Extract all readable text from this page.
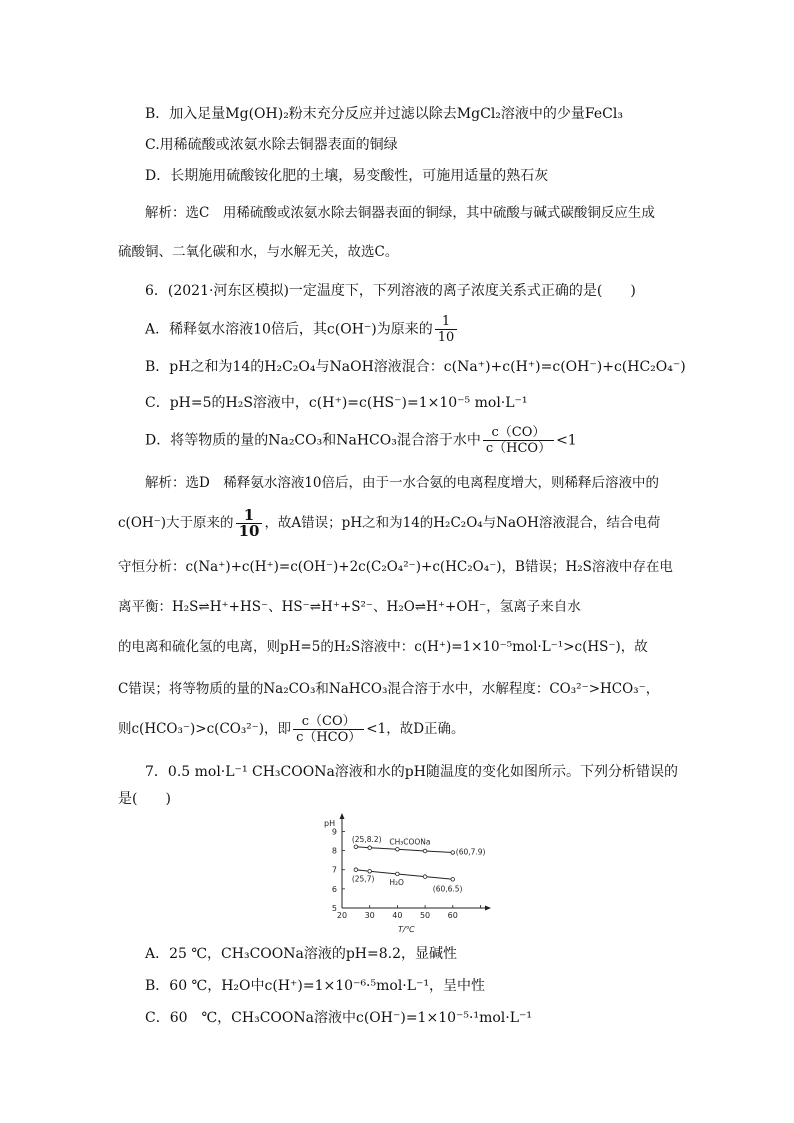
B．加入足量Mg(OH)₂粉末充分反应并过滤以除去MgCl₂溶液中的少量FeCl₃
C.用稀硫酸或浓氨水除去铜器表面的铜绿
D．长期施用硫酸铵化肥的土壤，易变酸性，可施用适量的熟石灰
解析：选C　用稀硫酸或浓氨水除去铜器表面的铜绿，其中硫酸与碱式碳酸铜反应生成
硫酸铜、二氧化碳和水，与水解无关，故选C。
6．(2021·河东区模拟)一定温度下，下列溶液的离子浓度关系式正确的是(　　)
A．稀释氨水溶液10倍后，其c(OH⁻)为原来的 $\frac{1}{10}$
B．pH之和为14的H₂C₂O₄与NaOH溶液混合：c(Na⁺)+c(H⁺)=c(OH⁻)+c(HC₂O₄⁻)
C．pH=5的H₂S溶液中，c(H⁺)=c(HS⁻)=1×10⁻⁵ mol·L⁻¹
D．将等物质的量的Na₂CO₃和NaHCO₃混合溶于水中 $\frac{c(CO)}{\text{c（HCO）}} <1$
解析：选D　稀释氨水溶液10倍后，由于一水合氨的电离程度增大，则稀释后溶液中的
c(OH⁻)大于原来的 $\frac{1}{10}$ ，故A错误；pH之和为14的H₂C₂O₄与NaOH溶液混合，结合电荷
守恒分析：c(Na⁺)+c(H⁺)=c(OH⁻)+2c(C₂O₄²⁻)+c(HC₂O₄⁻)，B错误；H₂S溶液中存在电
离平衡：H₂S⇌H⁺+HS⁻、HS⁻⇌H⁺+S²⁻、H₂O⇌H⁺+OH⁻，氢离子来自水
的电离和硫化氢的电离，则pH=5的H₂S溶液中：c(H⁺)=1×10⁻⁵mol·L⁻¹>c(HS⁻)，故
C错误；将等物质的量的Na₂CO₃和NaHCO₃混合溶于水中，水解程度：CO₃²⁻>HCO₃⁻，
则c(HCO₃⁻)>c(CO₃²⁻)，即 $\frac{c(CO)}{\text{c（HCO）}} <1$，故D正确。
7．0.5 mol·L⁻¹ CH₃COONa溶液和水的pH随温度的变化如图所示。下列分析错误的
是(　　)
20 30 40 50 60
5
6
7
8
9
pH
T/℃
CH₃COONa
H₂O
(25,8.2)
(60,7.9)
(25,7)
(60,6.5)
A．25 ℃，CH₃COONa溶液的pH=8.2，显碱性
B．60 ℃，H₂O中c(H⁺)=1×10⁻⁶·⁵mol·L⁻¹，呈中性
C．60　℃，CH₃COONa溶液中c(OH⁻)=1×10⁻⁵·¹mol·L⁻¹
